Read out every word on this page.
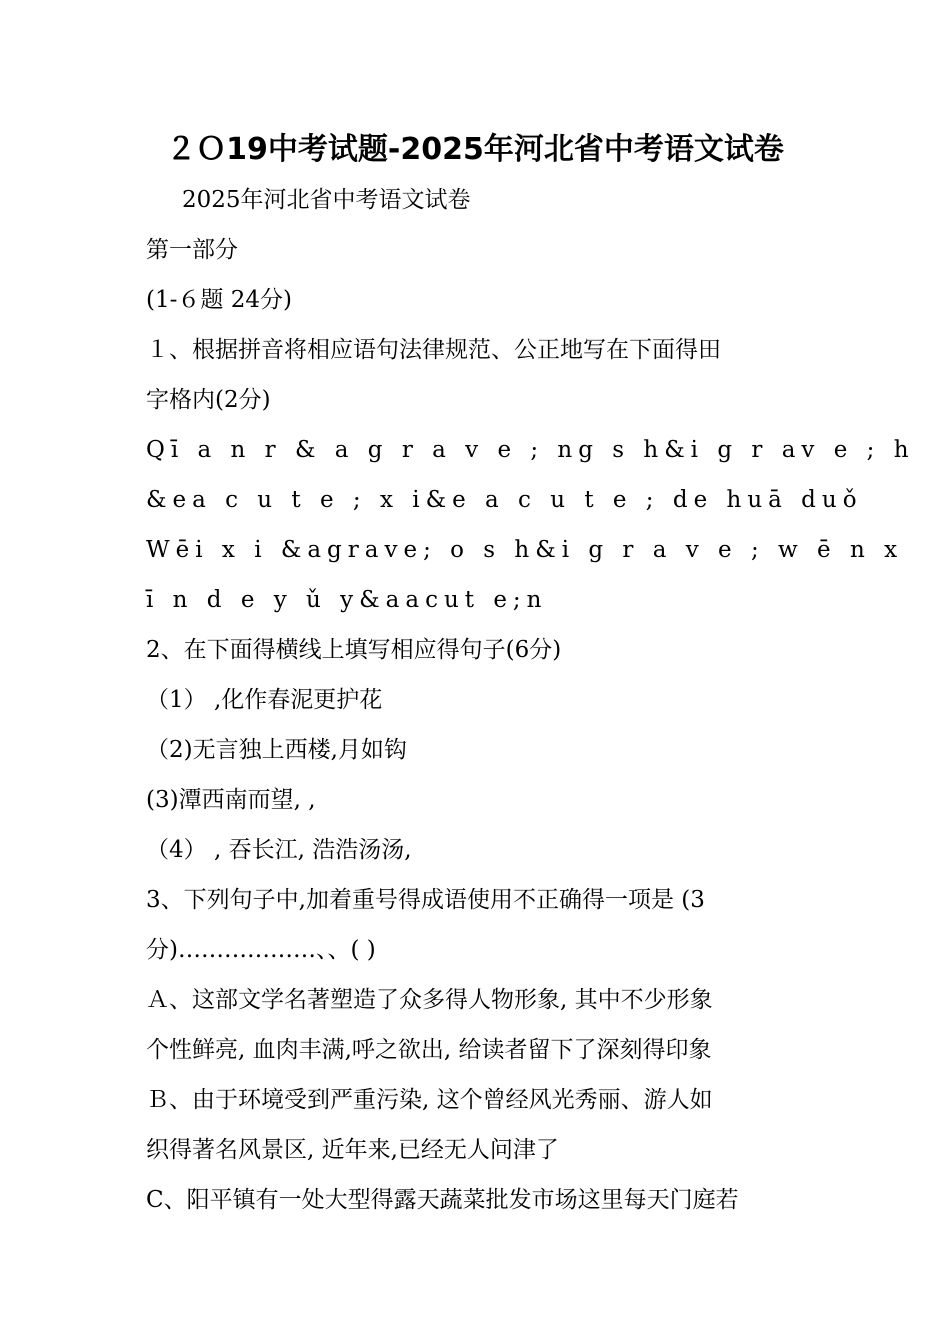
２Ｏ19中考试题-2025年河北省中考语文试卷
2025年河北省中考语文试卷
第一部分
(1-６题 24分)
１、根据拼音将相应语句法律规范、公正地写在下面得田
字格内(2分)
Qī a n r & a g r a v e ; ng s h&i g r av e ; h
&ea c u t e ; x i&e a c u t e ; de huā duǒ
Wēi x i &agrave; o s h&i g r a v e ; w ē n x
ī n d e y ǔ y&aacut e;n
2、在下面得横线上填写相应得句子(6分)
（1） ,化作春泥更护花
（2)无言独上西楼,月如钩
(3)潭西南而望, ,
（4） , 吞长江, 浩浩汤汤,
3、下列句子中,加着重号得成语使用不正确得一项是 (3
分)………………、、( )
Ａ、这部文学名著塑造了众多得人物形象, 其中不少形象
个性鲜亮, 血肉丰满,呼之欲出, 给读者留下了深刻得印象
Ｂ、由于环境受到严重污染, 这个曾经风光秀丽、游人如
织得著名风景区, 近年来,已经无人问津了
C、阳平镇有一处大型得露天蔬菜批发市场这里每天门庭若
